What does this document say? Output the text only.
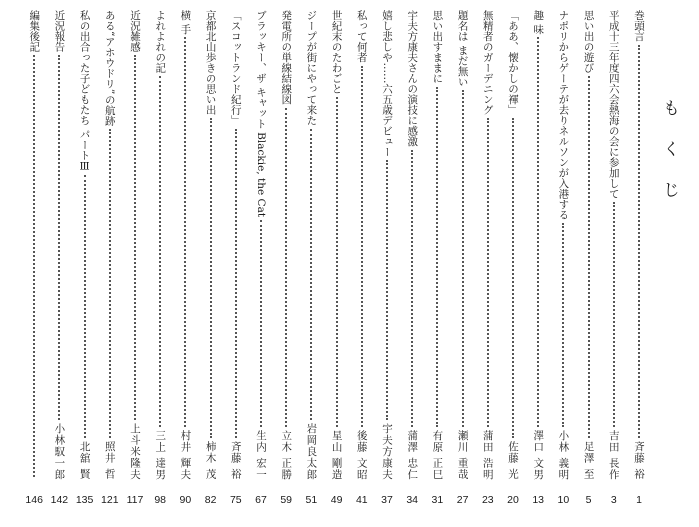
もくじ
巻頭言
斉藤 裕
1
平成十三年度四六会熱海の会に参加して
吉田 長作
3
思い出の遊び
足澤 至
5
ナポリからゲーテが去りネルソンが入港する
小林 義明
10
趣 味
澤口 文男
13
「ああ、懐かしの褌」
佐藤 光
20
無精者のガーデニング
蒲田 浩明
23
題名は まだ無い
瀬川 重哉
27
思い出すままに
有原 正巳
31
宇夫方康夫さんの演技に感激
蒲澤 忠仁
34
嬉し悲しや……六五歳デビュー
宇夫方康夫
37
私って何者
後藤 文昭
41
世紀末のたわごと
星山 剛造
49
ジープが街にやって来た
岩岡良太郎
51
発電所の単線結線図
立木 正勝
59
ブラッキー、ザ キャット Blackie, the Cat
生内 宏一
67
「スコットランド紀行」
斉藤 裕
75
京都北山歩きの思い出
柿木 茂
82
横 手
村井 輝夫
90
よれよれの記
三上 達男
98
近況雑感
上斗米隆夫
117
ある“アホウドリ”の航跡
照井 哲
121
私の出合った子どもたち パートⅢ
北舘 賢
135
近況報告
小林馭一郎
142
編集後記
146
